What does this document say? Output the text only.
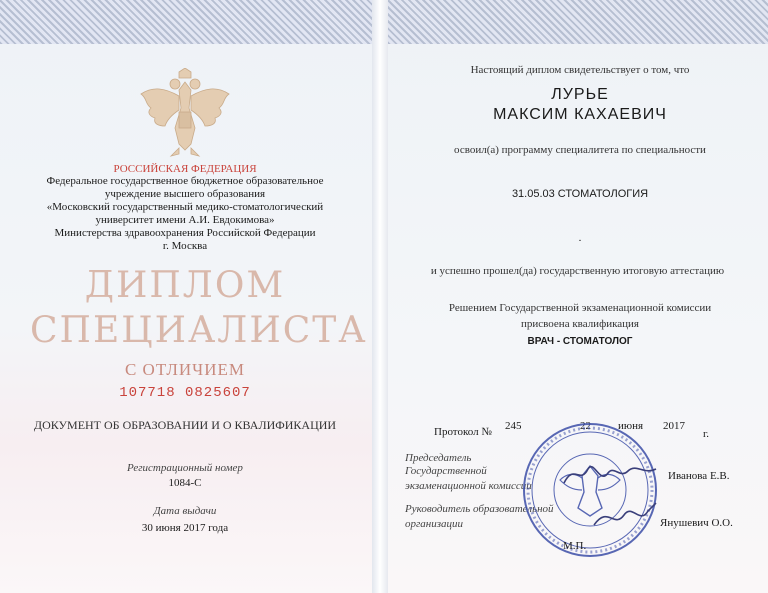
РОССИЙСКАЯ ФЕДЕРАЦИЯ
Федеральное государственное бюджетное образовательное
учреждение высшего образования
«Московский государственный медико-стоматологический
университет имени А.И. Евдокимова»
Министерства здравоохранения Российской Федерации
г. Москва
ДИПЛОМ
СПЕЦИАЛИСТА
С ОТЛИЧИЕМ
107718 0825607
ДОКУМЕНТ ОБ ОБРАЗОВАНИИ И О КВАЛИФИКАЦИИ
Регистрационный номер
1084-С
Дата выдачи
30 июня 2017 года
Настоящий диплом свидетельствует о том, что
ЛУРЬЕ
МАКСИМ КАХАЕВИЧ
освоил(а) программу специалитета по специальности
31.05.03 СТОМАТОЛОГИЯ
.
и успешно прошел(да) государственную итоговую аттестацию
Решением Государственной экзаменационной комиссии
присвоена квалификация
ВРАЧ - СТОМАТОЛОГ
Протокол № 245	22 июня 2017
г.
Председатель
Государственной
экзаменационной комиссии
Иванова Е.В.
Руководитель образовательной
организации	Янушевич О.О.
М.П.
